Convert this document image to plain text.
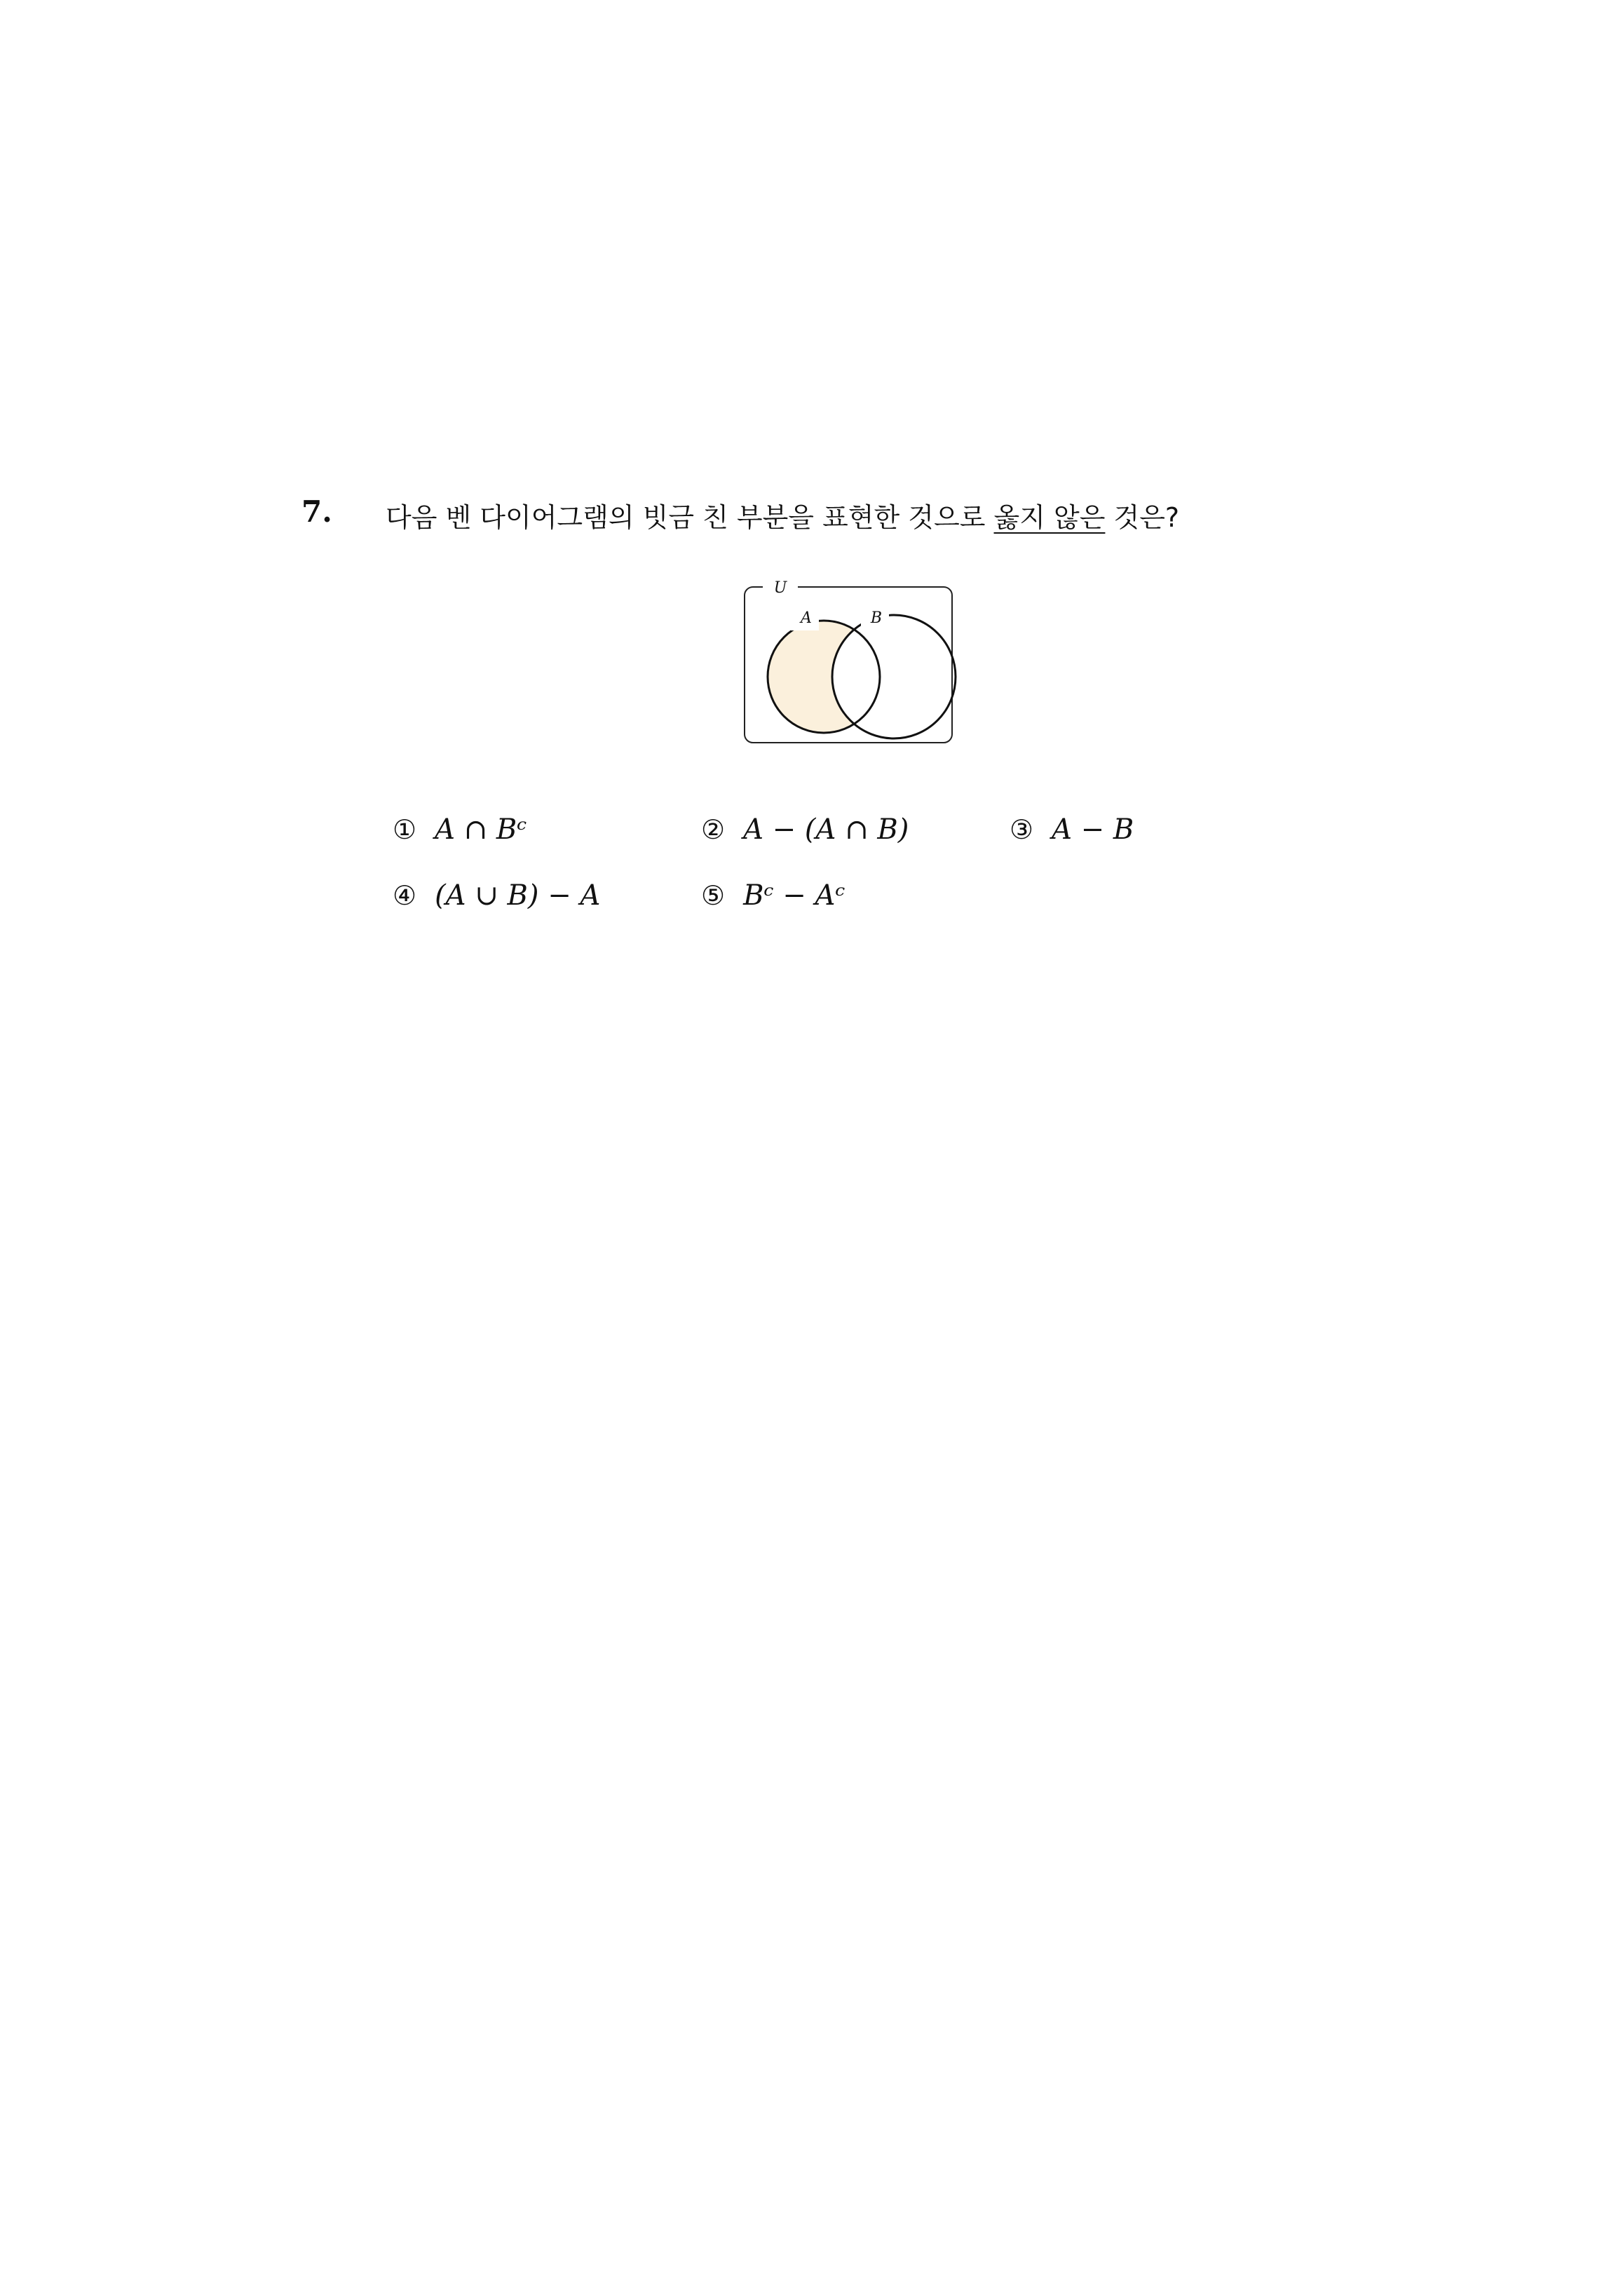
7. 다음 벤 다이어그램의 빗금 친 부분을 표현한 것으로 옳지 않은 것은?
U
A	B
① A ∩ Bᶜ	② A − (A ∩ B)	③ A − B
④ (A ∪ B) − A	⑤ Bᶜ − Aᶜ
